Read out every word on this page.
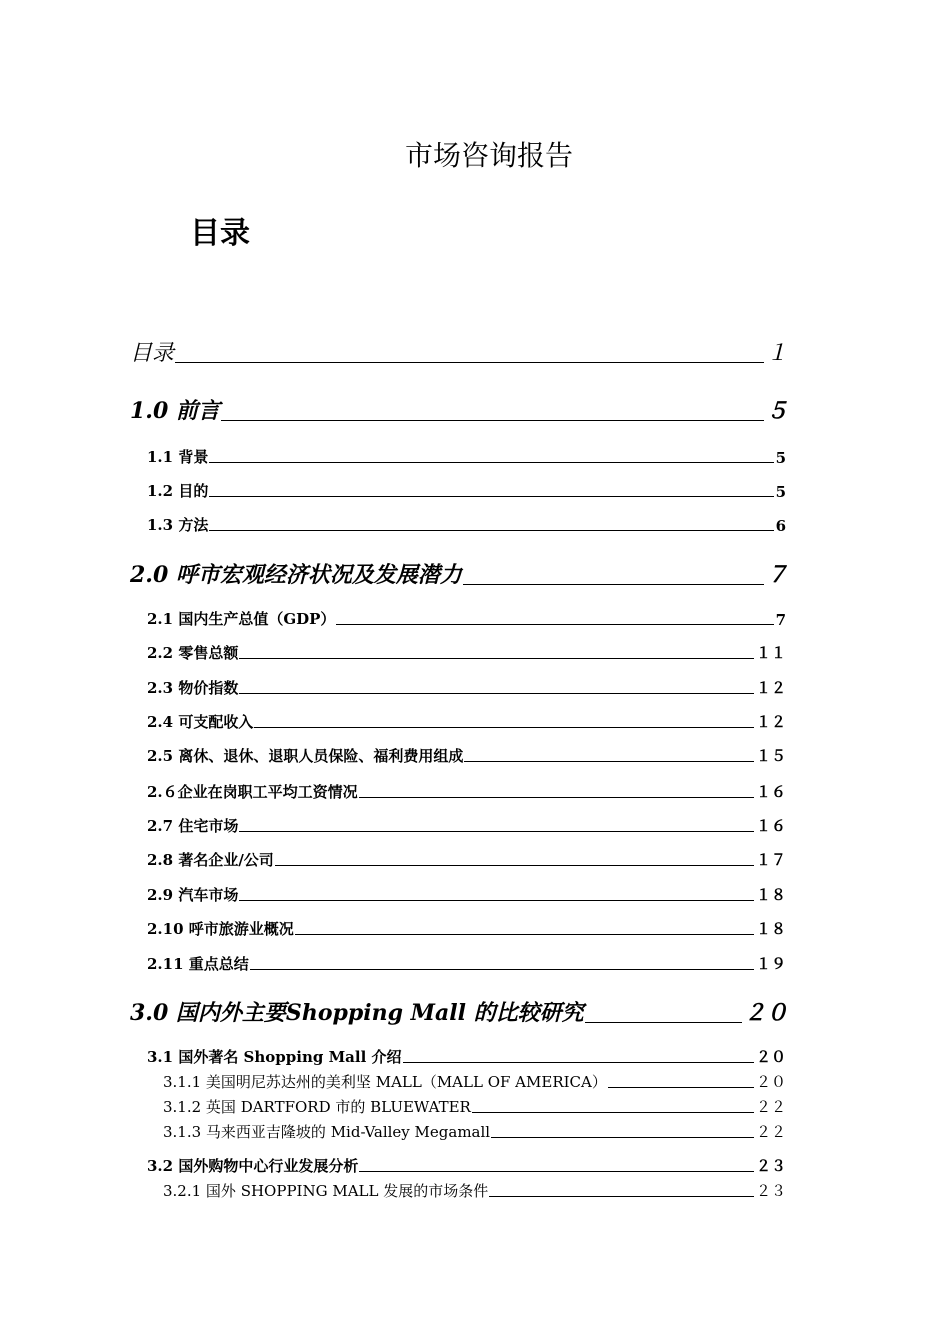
市场咨询报告
目录
目录	１
1.0 前言	５
1.1 背景	5
1.2 目的	5
1.3 方法	6
2.0 呼市宏观经济状况及发展潜力	７
2.1 国内生产总值（GDP）	7
2.2 零售总额	１１
2.3 物价指数	１２
2.4 可支配收入	１２
2.5 离休、退休、退职人员保险、福利费用组成	１５
2.６企业在岗职工平均工资情况	１６
2.7 住宅市场	１６
2.8 著名企业/公司	１７
2.9 汽车市场	１８
2.10 呼市旅游业概况	１８
2.11 重点总结	１９
3.0 国内外主要Shopping Mall 的比较研究	２０
3.1 国外著名 Shopping Mall 介绍	２０
3.1.1 美国明尼苏达州的美利坚 MALL（MALL OF AMERICA）	２０
3.1.2 英国 DARTFORD 市的 BLUEWATER	２２
3.1.3 马来西亚吉隆坡的 Mid-Valley Megamall	２２
3.2 国外购物中心行业发展分析	２３
3.2.1 国外 SHOPPING MALL 发展的市场条件	２３
